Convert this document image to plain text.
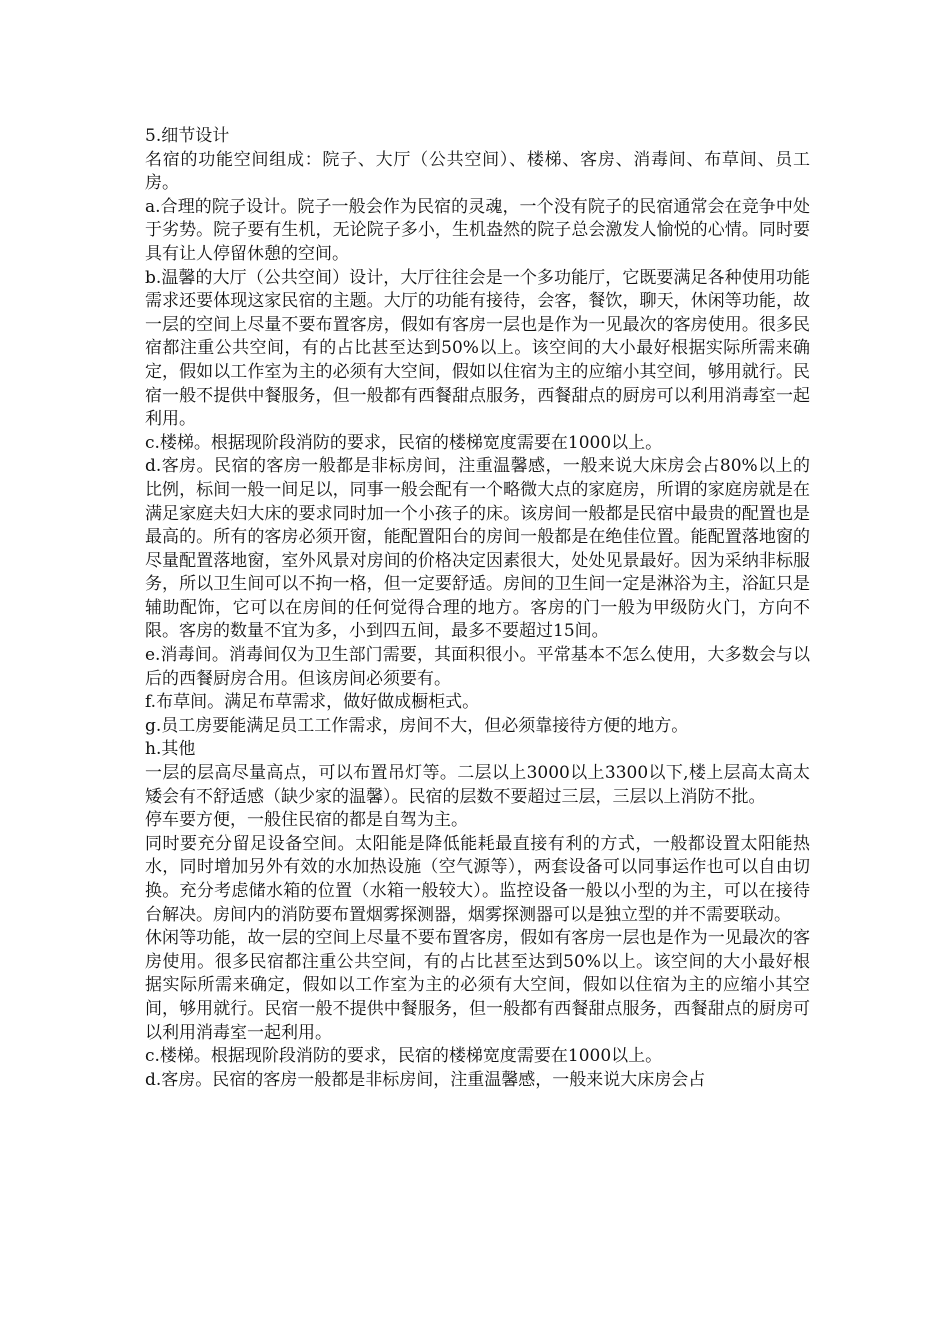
5.细节设计

名宿的功能空间组成：院子、大厅（公共空间）、楼梯、客房、消毒间、布草间、员工房。

a.合理的院子设计。院子一般会作为民宿的灵魂，一个没有院子的民宿通常会在竞争中处于劣势。院子要有生机，无论院子多小，生机盎然的院子总会激发人愉悦的心情。同时要具有让人停留休憩的空间。

b.温馨的大厅（公共空间）设计，大厅往往会是一个多功能厅，它既要满足各种使用功能需求还要体现这家民宿的主题。大厅的功能有接待，会客，餐饮，聊天，休闲等功能，故一层的空间上尽量不要布置客房，假如有客房一层也是作为一见最次的客房使用。很多民宿都注重公共空间，有的占比甚至达到50%以上。该空间的大小最好根据实际所需来确定，假如以工作室为主的必须有大空间，假如以住宿为主的应缩小其空间，够用就行。民宿一般不提供中餐服务，但一般都有西餐甜点服务，西餐甜点的厨房可以利用消毒室一起利用。

c.楼梯。根据现阶段消防的要求，民宿的楼梯宽度需要在1000以上。

d.客房。民宿的客房一般都是非标房间，注重温馨感，一般来说大床房会占80%以上的比例，标间一般一间足以，同事一般会配有一个略微大点的家庭房，所谓的家庭房就是在满足家庭夫妇大床的要求同时加一个小孩子的床。该房间一般都是民宿中最贵的配置也是最高的。所有的客房必须开窗，能配置阳台的房间一般都是在绝佳位置。能配置落地窗的尽量配置落地窗，室外风景对房间的价格决定因素很大，处处见景最好。因为采纳非标服务，所以卫生间可以不拘一格，但一定要舒适。房间的卫生间一定是淋浴为主，浴缸只是辅助配饰，它可以在房间的任何觉得合理的地方。客房的门一般为甲级防火门，方向不限。客房的数量不宜为多，小到四五间，最多不要超过15间。

e.消毒间。消毒间仅为卫生部门需要，其面积很小。平常基本不怎么使用，大多数会与以后的西餐厨房合用。但该房间必须要有。

f.布草间。满足布草需求，做好做成橱柜式。

g.员工房要能满足员工工作需求，房间不大，但必须靠接待方便的地方。

h.其他

一层的层高尽量高点，可以布置吊灯等。二层以上3000以上3300以下,楼上层高太高太矮会有不舒适感（缺少家的温馨）。民宿的层数不要超过三层，三层以上消防不批。

停车要方便，一般住民宿的都是自驾为主。

同时要充分留足设备空间。太阳能是降低能耗最直接有利的方式，一般都设置太阳能热水，同时增加另外有效的水加热设施（空气源等），两套设备可以同事运作也可以自由切换。充分考虑储水箱的位置（水箱一般较大）。监控设备一般以小型的为主，可以在接待台解决。房间内的消防要布置烟雾探测器，烟雾探测器可以是独立型的并不需要联动。

休闲等功能，故一层的空间上尽量不要布置客房，假如有客房一层也是作为一见最次的客房使用。很多民宿都注重公共空间，有的占比甚至达到50%以上。该空间的大小最好根据实际所需来确定，假如以工作室为主的必须有大空间，假如以住宿为主的应缩小其空间，够用就行。民宿一般不提供中餐服务，但一般都有西餐甜点服务，西餐甜点的厨房可以利用消毒室一起利用。

c.楼梯。根据现阶段消防的要求，民宿的楼梯宽度需要在1000以上。

d.客房。民宿的客房一般都是非标房间，注重温馨感，一般来说大床房会占
